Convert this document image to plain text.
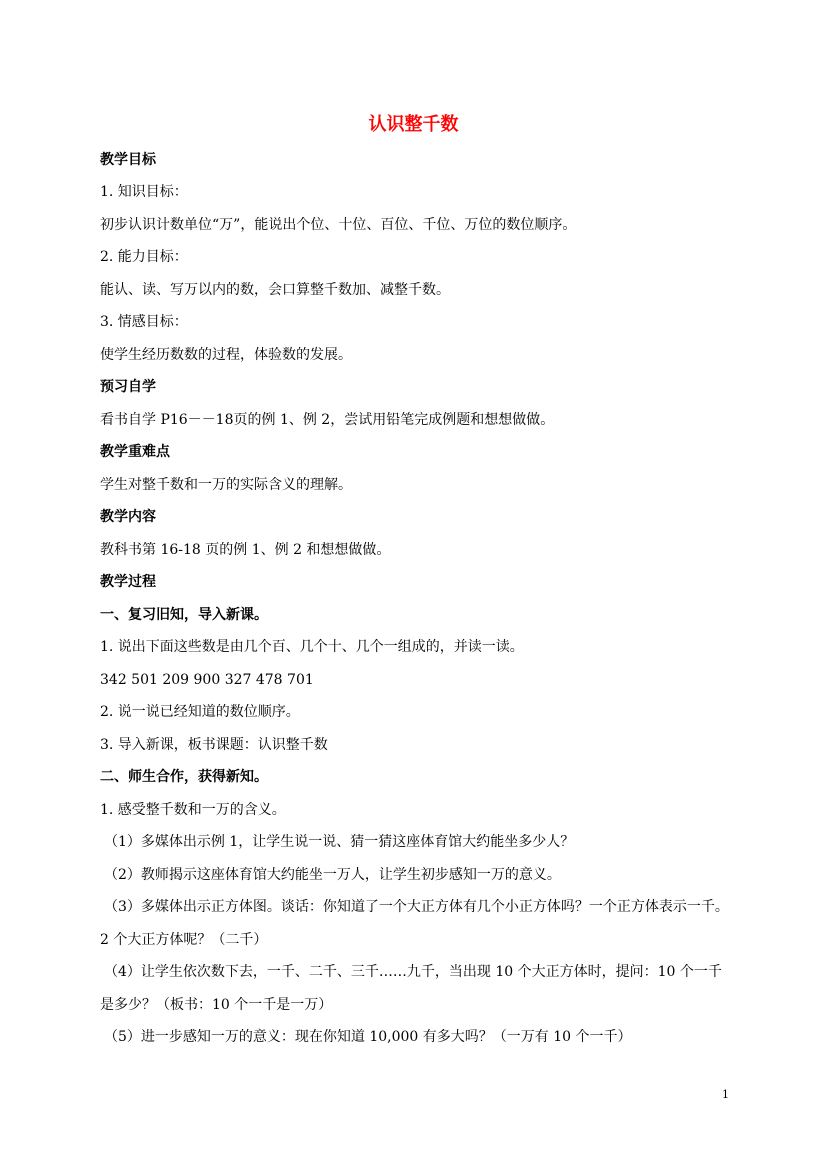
认识整千数
教学目标
1. 知识目标：
初步认识计数单位“万”，能说出个位、十位、百位、千位、万位的数位顺序。
2. 能力目标：
能认、读、写万以内的数，会口算整千数加、减整千数。
3. 情感目标：
使学生经历数数的过程，体验数的发展。
预习自学
看书自学 P16－－18页的例 1、例 2，尝试用铅笔完成例题和想想做做。
教学重难点
学生对整千数和一万的实际含义的理解。
教学内容
教科书第 16-18 页的例 1、例 2 和想想做做。
教学过程
一、复习旧知，导入新课。
1. 说出下面这些数是由几个百、几个十、几个一组成的，并读一读。
342 501 209 900 327 478 701
2. 说一说已经知道的数位顺序。
3. 导入新课，板书课题：认识整千数
二、师生合作，获得新知。
1. 感受整千数和一万的含义。
（1）多媒体出示例 1，让学生说一说、猜一猜这座体育馆大约能坐多少人？
（2）教师揭示这座体育馆大约能坐一万人，让学生初步感知一万的意义。
（3）多媒体出示正方体图。谈话：你知道了一个大正方体有几个小正方体吗？一个正方体表示一千。
2 个大正方体呢？（二千）
（4）让学生依次数下去，一千、二千、三千……九千，当出现 10 个大正方体时，提问：10 个一千
是多少？（板书：10 个一千是一万）
（5）进一步感知一万的意义：现在你知道 10,000 有多大吗？（一万有 10 个一千）
1
